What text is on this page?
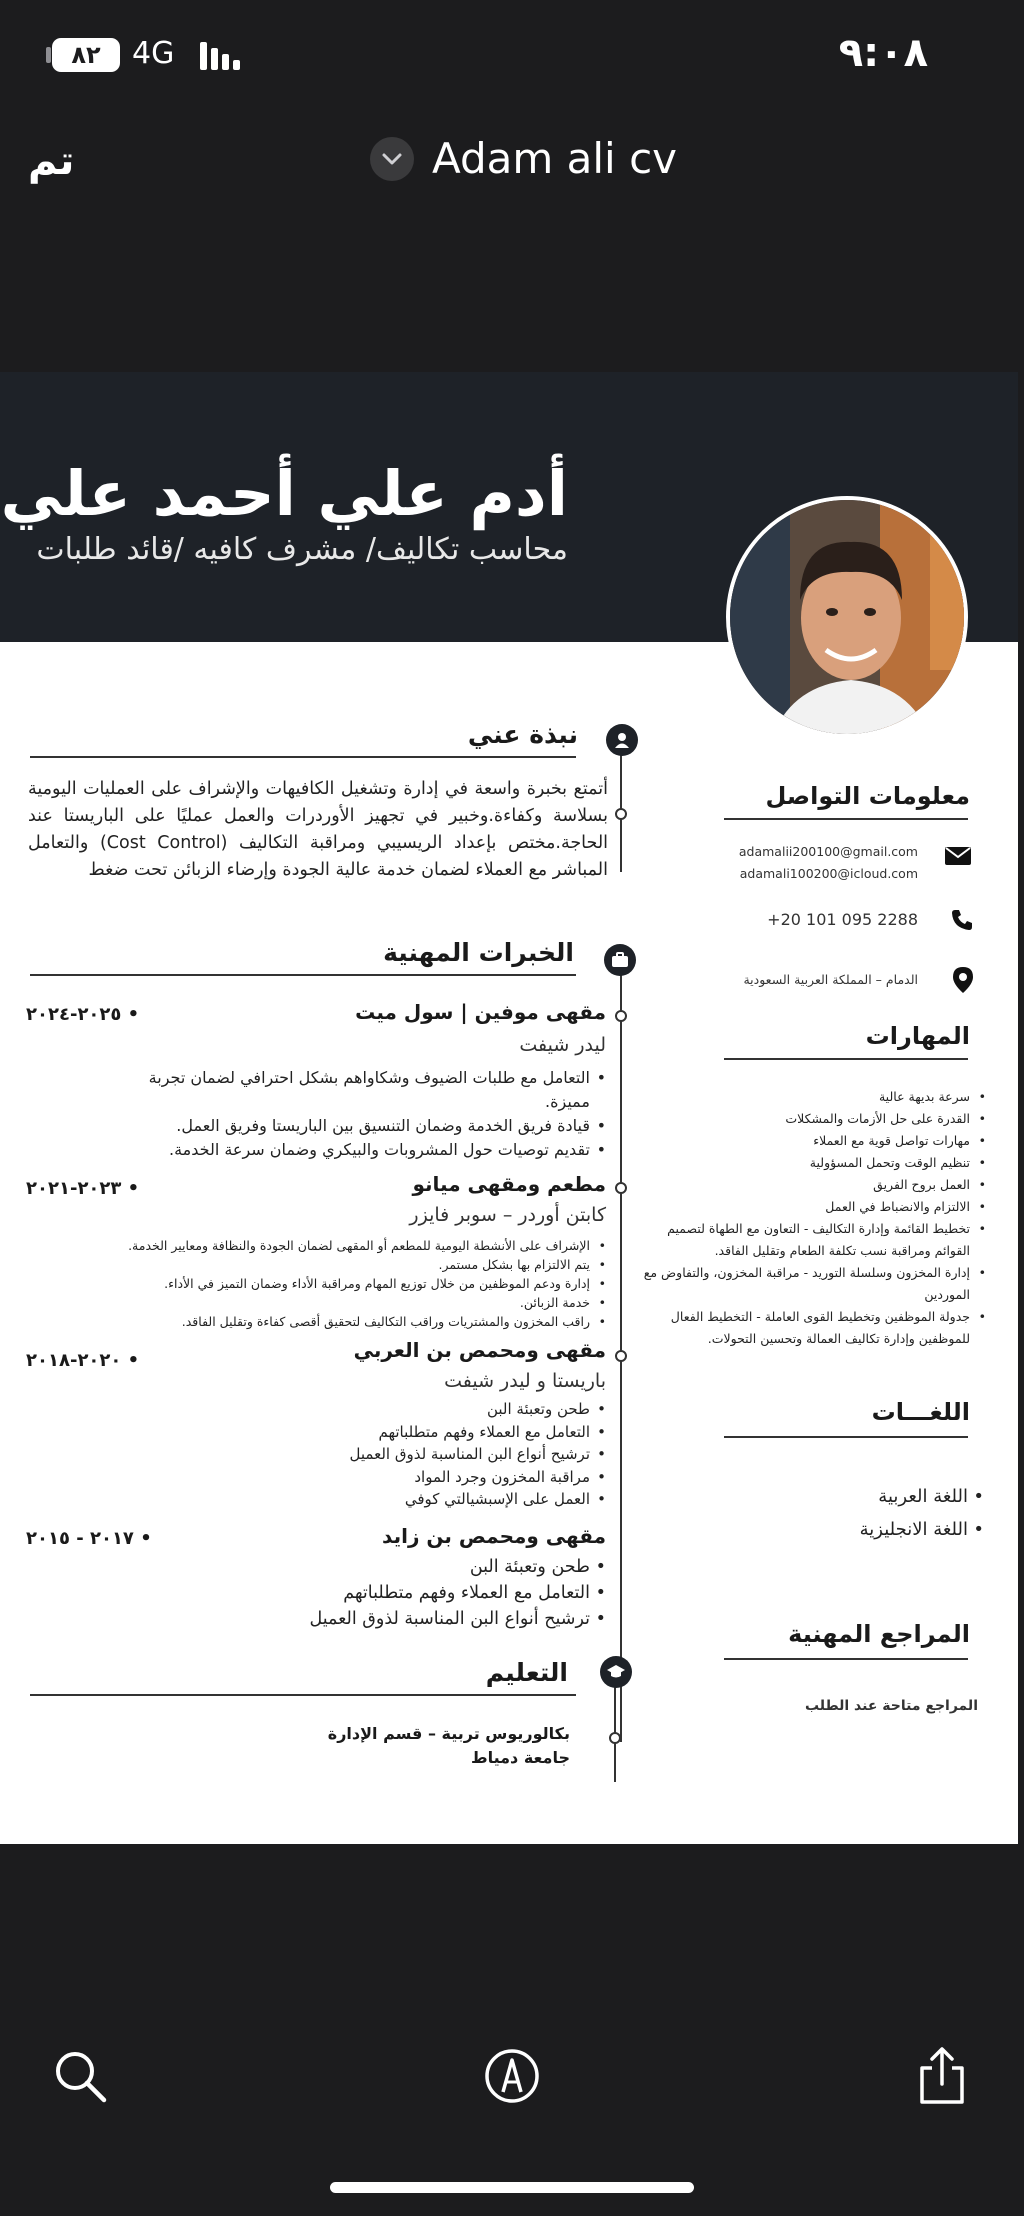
٨٢	4G	٩:٠٨
تم	Adam ali cv
أدم علي أحمد علي
محاسب تكاليف/ مشرف كافيه /قائد طلبات
نبذة عني
أتمتع بخبرة واسعة في إدارة وتشغيل الكافيهات والإشراف على العمليات اليومية بسلاسة وكفاءة.وخبير في تجهيز الأوردرات والعمل عمليًا على الباريستا عند الحاجة.مختص بإعداد الريسيبي ومراقبة التكاليف (Cost Control) والتعامل المباشر مع العملاء لضمان خدمة عالية الجودة وإرضاء الزبائن تحت ضغط
الخبرات المهنية
مقهى موفين | سول ميت
٢٠٢٥-٢٠٢٤ •
ليدر شيفت
• التعامل مع طلبات الضيوف وشكاواهم بشكل احترافي لضمان تجربة مميزة.
• قيادة فريق الخدمة وضمان التنسيق بين الباريستا وفريق العمل.
• تقديم توصيات حول المشروبات والبيكري وضمان سرعة الخدمة.
مطعم ومقهى ميانو
٢٠٢٣-٢٠٢١ •
كابتن أوردر – سوبر فايزر
• الإشراف على الأنشطة اليومية للمطعم أو المقهى لضمان الجودة والنظافة ومعايير الخدمة.
• يتم الالتزام بها بشكل مستمر.
• إدارة ودعم الموظفين من خلال توزيع المهام ومراقبة الأداء وضمان التميز في الأداء.
• خدمة الزبائن.
• راقب المخزون والمشتريات وراقب التكاليف لتحقيق أقصى كفاءة وتقليل الفاقد.
مقهى ومحمص بن العربي
٢٠٢٠-٢٠١٨ •
باريستا و ليدر شيفت
• طحن وتعبئة البن
• التعامل مع العملاء وفهم متطلباتهم
• ترشيح أنواع البن المناسبة لذوق العميل
• مراقبة المخزون وجرد المواد
• العمل على الإسبشيالتي كوفي
مقهى ومحمص بن زايد
٢٠١٧ - ٢٠١٥ •
• طحن وتعبئة البن
• التعامل مع العملاء وفهم متطلباتهم
• ترشيح أنواع البن المناسبة لذوق العميل
التعليم
بكالوريوس تربية – قسم الإدارة
جامعة دمياط
معلومات التواصل
adamalii200100@gmail.com
adamali100200@icloud.com
+20 101 095 2288
الدمام – المملكة العربية السعودية
المهارات
• سرعة بديهة عالية
• القدرة على حل الأزمات والمشكلات
• مهارات تواصل قوية مع العملاء
• تنظيم الوقت وتحمل المسؤولية
• العمل بروح الفريق
• الالتزام والانضباط في العمل
• تخطيط القائمة وإدارة التكاليف - التعاون مع الطهاة لتصميم القوائم ومراقبة نسب تكلفة الطعام وتقليل الفاقد.
• إدارة المخزون وسلسلة التوريد - مراقبة المخزون، والتفاوض مع الموردين
• جدولة الموظفين وتخطيط القوى العاملة - التخطيط الفعال للموظفين وإدارة تكاليف العمالة وتحسين التحولات.
اللغـــات
• اللغة العربية
• اللغة الانجليزية
المراجع المهنية
المراجع متاحة عند الطلب
